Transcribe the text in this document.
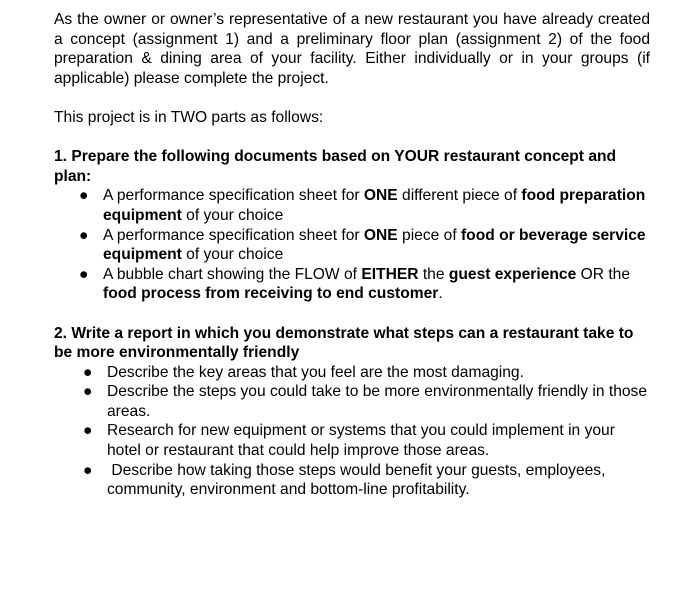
As the owner or owner’s representative of a new restaurant you have already created a concept (assignment 1) and a preliminary floor plan (assignment 2) of the food preparation & dining area of your facility. Either individually or in your groups (if applicable) please complete the project.

This project is in TWO parts as follows:

1. Prepare the following documents based on YOUR restaurant concept and plan:

● A performance specification sheet for ONE different piece of food preparation equipment of your choice
● A performance specification sheet for ONE piece of food or beverage service equipment of your choice
● A bubble chart showing the FLOW of EITHER the guest experience OR the food process from receiving to end customer.

2. Write a report in which you demonstrate what steps can a restaurant take to be more environmentally friendly

● Describe the key areas that you feel are the most damaging.
● Describe the steps you could take to be more environmentally friendly in those areas.
● Research for new equipment or systems that you could implement in your hotel or restaurant that could help improve those areas.
● Describe how taking those steps would benefit your guests, employees, community, environment and bottom-line profitability.
